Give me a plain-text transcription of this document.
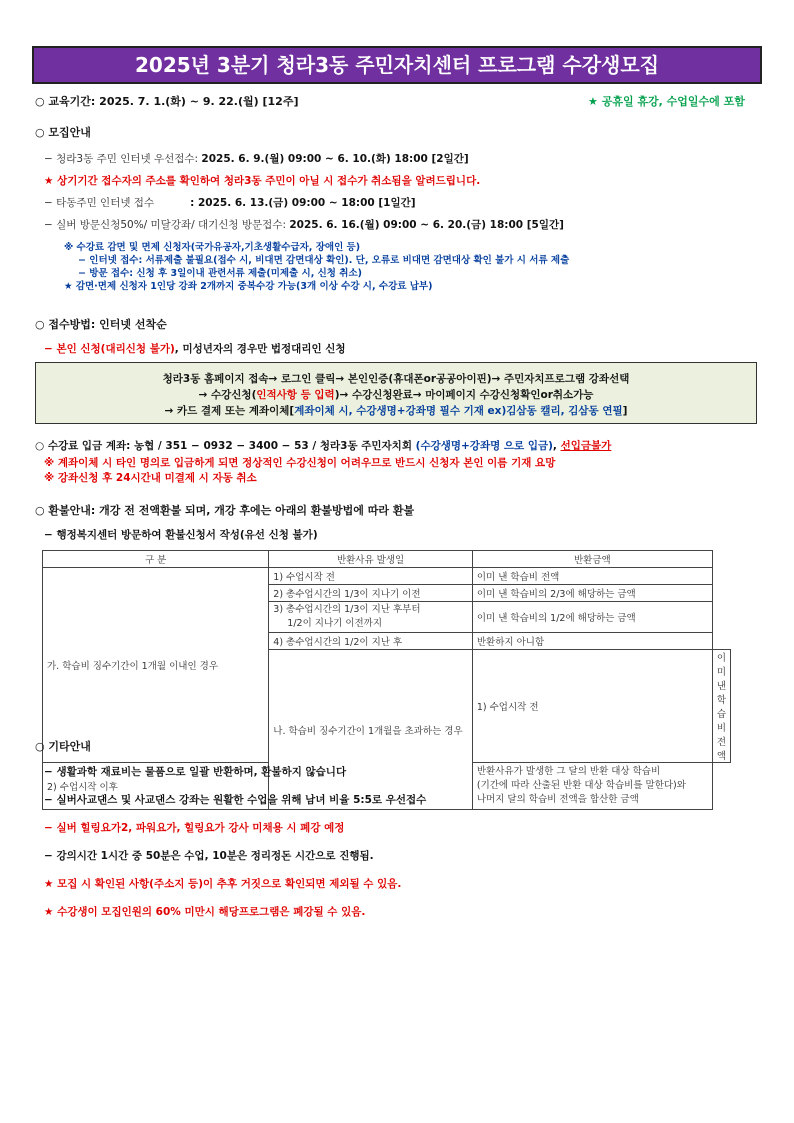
2025년 3분기 청라3동 주민자치센터 프로그램 수강생모집
○ 교육기간: 2025. 7. 1.(화) ~ 9. 22.(월) [12주]	★ 공휴일 휴강, 수업일수에 포함
○ 모집안내
− 청라3동 주민 인터넷 우선접수: 2025. 6. 9.(월) 09:00 ~ 6. 10.(화) 18:00 [2일간]
★ 상기기간 접수자의 주소를 확인하여 청라3동 주민이 아닐 시 접수가 취소됨을 알려드립니다.
− 타동주민 인터넷 접수	: 2025. 6. 13.(금) 09:00 ~ 18:00 [1일간]
− 실버 방문신청50%/ 미달강좌/ 대기신청 방문접수: 2025. 6. 16.(월) 09:00 ~ 6. 20.(금) 18:00 [5일간]
※ 수강료 감면 및 면제 신청자(국가유공자,기초생활수급자, 장애인 등)
− 인터넷 접수: 서류제출 불필요(접수 시, 비대면 감면대상 확인). 단, 오류로 비대면 감면대상 확인 불가 시 서류 제출
− 방문 접수: 신청 후 3일이내 관련서류 제출(미제출 시, 신청 취소)
★ 감면·면제 신청자 1인당 강좌 2개까지 중복수강 가능(3개 이상 수강 시, 수강료 납부)
○ 접수방법: 인터넷 선착순
− 본인 신청(대리신청 불가), 미성년자의 경우만 법정대리인 신청
청라3동 홈페이지 접속→ 로그인 클릭→ 본인인증(휴대폰or공공아이핀)→ 주민자치프로그램 강좌선택
→ 수강신청(인적사항 등 입력)→ 수강신청완료→ 마이페이지 수강신청확인or취소가능
→ 카드 결제 또는 계좌이체[계좌이체 시, 수강생명+강좌명 필수 기재 ex)김삼동 캘리, 김삼동 연필]
○ 수강료 입금 계좌: 농협 / 351 − 0932 − 3400 − 53 / 청라3동 주민자치회 (수강생명+강좌명 으로 입금), 선입금불가
※ 계좌이체 시 타인 명의로 입금하게 되면 정상적인 수강신청이 어려우므로 반드시 신청자 본인 이름 기재 요망
※ 강좌신청 후 24시간내 미결제 시 자동 취소
○ 환불안내: 개강 전 전액환불 되며, 개강 후에는 아래의 환불방법에 따라 환불
− 행정복지센터 방문하여 환불신청서 작성(유선 신청 불가)
구 분	반환사유 발생일	반환금액	
가. 학습비 징수기간이 1개월 이내인 경우	1) 수업시작 전	이미 낸 학습비 전액	
	2) 총수업시간의 1/3이 지나기 이전	이미 낸 학습비의 2/3에 해당하는 금액	
	3) 총수업시간의 1/3이 지난 후부터
1/2이 지나기 이전까지	이미 낸 학습비의 1/2에 해당하는 금액	
	4) 총수업시간의 1/2이 지난 후	반환하지 아니함	
	나. 학습비 징수기간이 1개월을 초과하는 경우	1) 수업시작 전	이미 낸 학습비 전액
2) 수업시작 이후		반환사유가 발생한 그 달의 반환 대상 학습비
(기간에 따라 산출된 반환 대상 학습비를 말한다)와
나머지 달의 학습비 전액을 합산한 금액	
○ 기타안내
− 생활과학 재료비는 물품으로 일괄 반환하며, 환불하지 않습니다
− 실버사교댄스 및 사교댄스 강좌는 원활한 수업을 위해 남녀 비율 5:5로 우선접수
− 실버 힐링요가2, 파워요가, 힐링요가 강사 미채용 시 폐강 예정
− 강의시간 1시간 중 50분은 수업, 10분은 정리정돈 시간으로 진행됨.
★ 모집 시 확인된 사항(주소지 등)이 추후 거짓으로 확인되면 제외될 수 있음.
★ 수강생이 모집인원의 60% 미만시 해당프로그램은 폐강될 수 있음.
